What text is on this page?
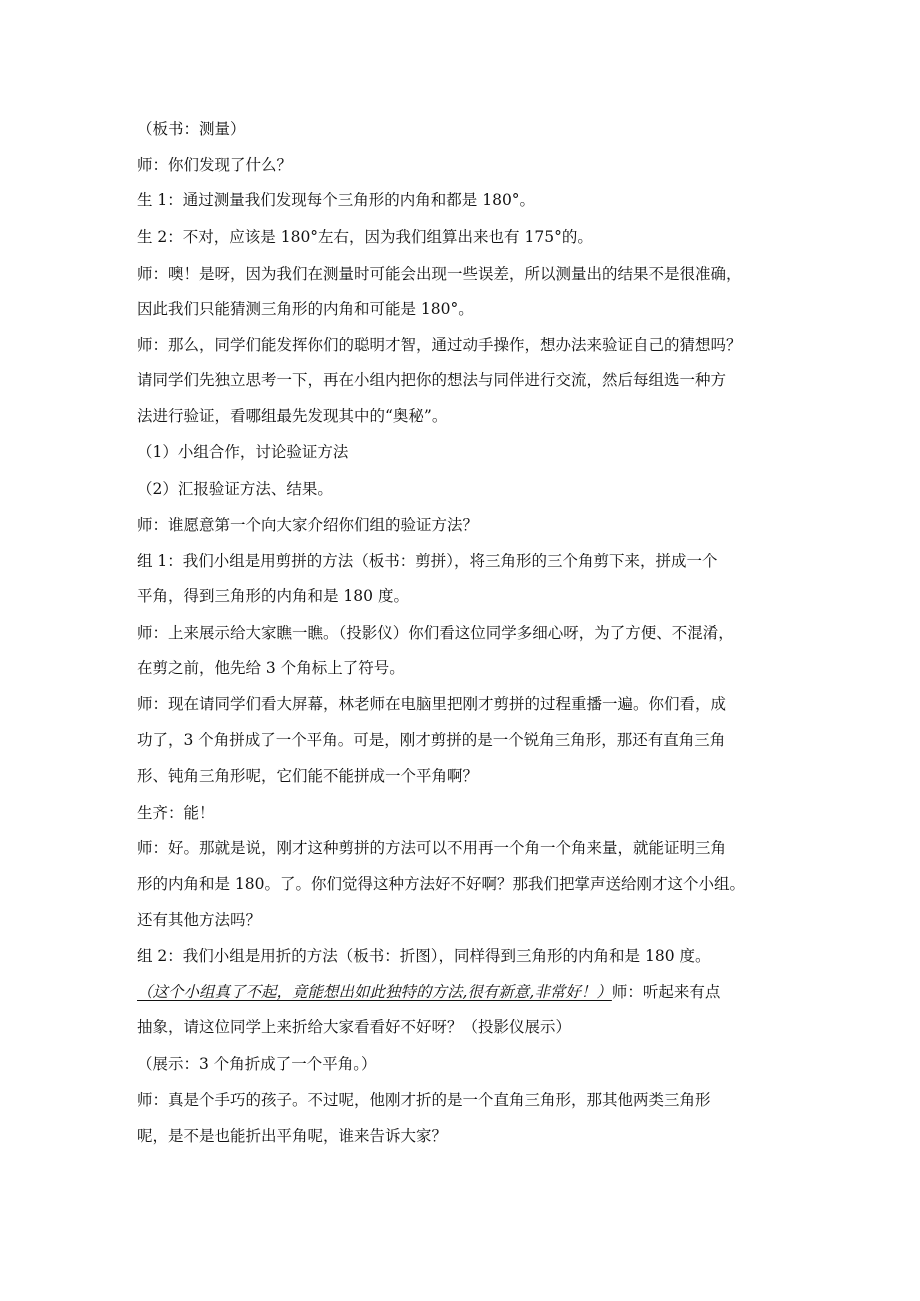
（板书：测量）
师：你们发现了什么？
生 1：通过测量我们发现每个三角形的内角和都是 180°。
生 2：不对，应该是 180°左右，因为我们组算出来也有 175°的。
师：噢！是呀，因为我们在测量时可能会出现一些误差，所以测量出的结果不是很准确，
因此我们只能猜测三角形的内角和可能是 180°。
师：那么，同学们能发挥你们的聪明才智，通过动手操作，想办法来验证自己的猜想吗？
请同学们先独立思考一下，再在小组内把你的想法与同伴进行交流，然后每组选一种方
法进行验证，看哪组最先发现其中的“奥秘”。
（1）小组合作，讨论验证方法
（2）汇报验证方法、结果。
师：谁愿意第一个向大家介绍你们组的验证方法？
组 1：我们小组是用剪拼的方法（板书：剪拼），将三角形的三个角剪下来，拼成一个
平角，得到三角形的内角和是 180 度。
师：上来展示给大家瞧一瞧。（投影仪）你们看这位同学多细心呀，为了方便、不混淆，
在剪之前，他先给 3 个角标上了符号。
师：现在请同学们看大屏幕，林老师在电脑里把刚才剪拼的过程重播一遍。你们看，成
功了，3 个角拼成了一个平角。可是，刚才剪拼的是一个锐角三角形，那还有直角三角
形、钝角三角形呢，它们能不能拼成一个平角啊？
生齐：能！
师：好。那就是说，刚才这种剪拼的方法可以不用再一个角一个角来量，就能证明三角
形的内角和是 180。了。你们觉得这种方法好不好啊？那我们把掌声送给刚才这个小组。
还有其他方法吗？
组 2：我们小组是用折的方法（板书：折图），同样得到三角形的内角和是 180 度。
（这个小组真了不起，竟能想出如此独特的方法,很有新意,非常好！）师：听起来有点
抽象，请这位同学上来折给大家看看好不好呀？（投影仪展示）
（展示：3 个角折成了一个平角。）
师：真是个手巧的孩子。不过呢，他刚才折的是一个直角三角形，那其他两类三角形
呢，是不是也能折出平角呢，谁来告诉大家？
